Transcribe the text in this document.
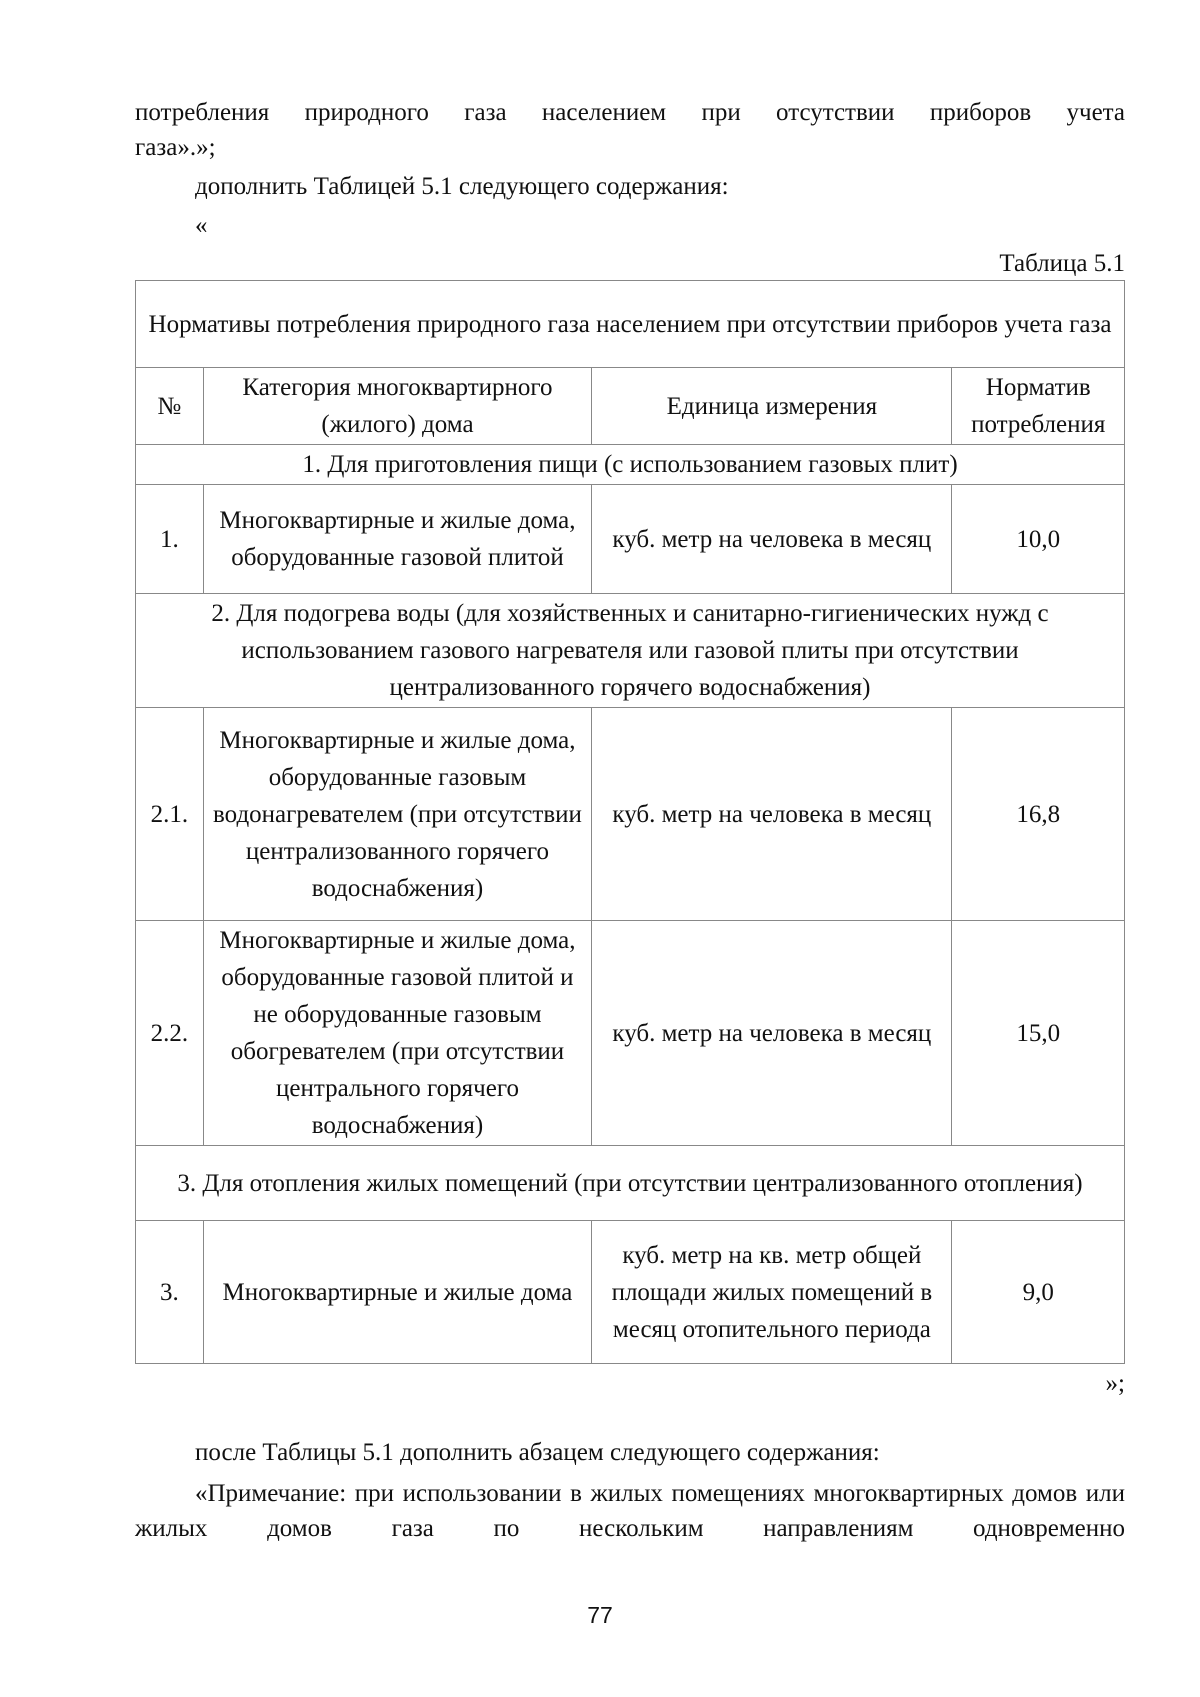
потребления природного газа населением при отсутствии приборов учета
газа».»;

дополнить Таблицей 5.1 следующего содержания:

«

Таблица 5.1
Нормативы потребления природного газа населением при отсутствии приборов учета газа			
№	Категория многоквартирного (жилого) дома	Единица измерения	Норматив потребления
1. Для приготовления пищи (с использованием газовых плит)			
1.	Многоквартирные и жилые дома, оборудованные газовой плитой	куб. метр на человека в месяц	10,0
2. Для подогрева воды (для хозяйственных и санитарно-гигиенических нужд с использованием газового нагревателя или газовой плиты при отсутствии централизованного горячего водоснабжения)			
2.1.	Многоквартирные и жилые дома, оборудованные газовым водонагревателем (при отсутствии централизованного горячего водоснабжения)	куб. метр на человека в месяц	16,8
2.2.	Многоквартирные и жилые дома, оборудованные газовой плитой и не оборудованные газовым обогревателем (при отсутствии центрального горячего водоснабжения)	куб. метр на человека в месяц	15,0
3. Для отопления жилых помещений (при отсутствии централизованного отопления)			
3.	Многоквартирные и жилые дома	куб. метр на кв. метр общей площади жилых помещений в месяц отопительного периода	9,0
»;

после Таблицы 5.1 дополнить абзацем следующего содержания:

«Примечание: при использовании в жилых помещениях многоквартирных домов или жилых домов газа по нескольким направлениям одновременно

77
